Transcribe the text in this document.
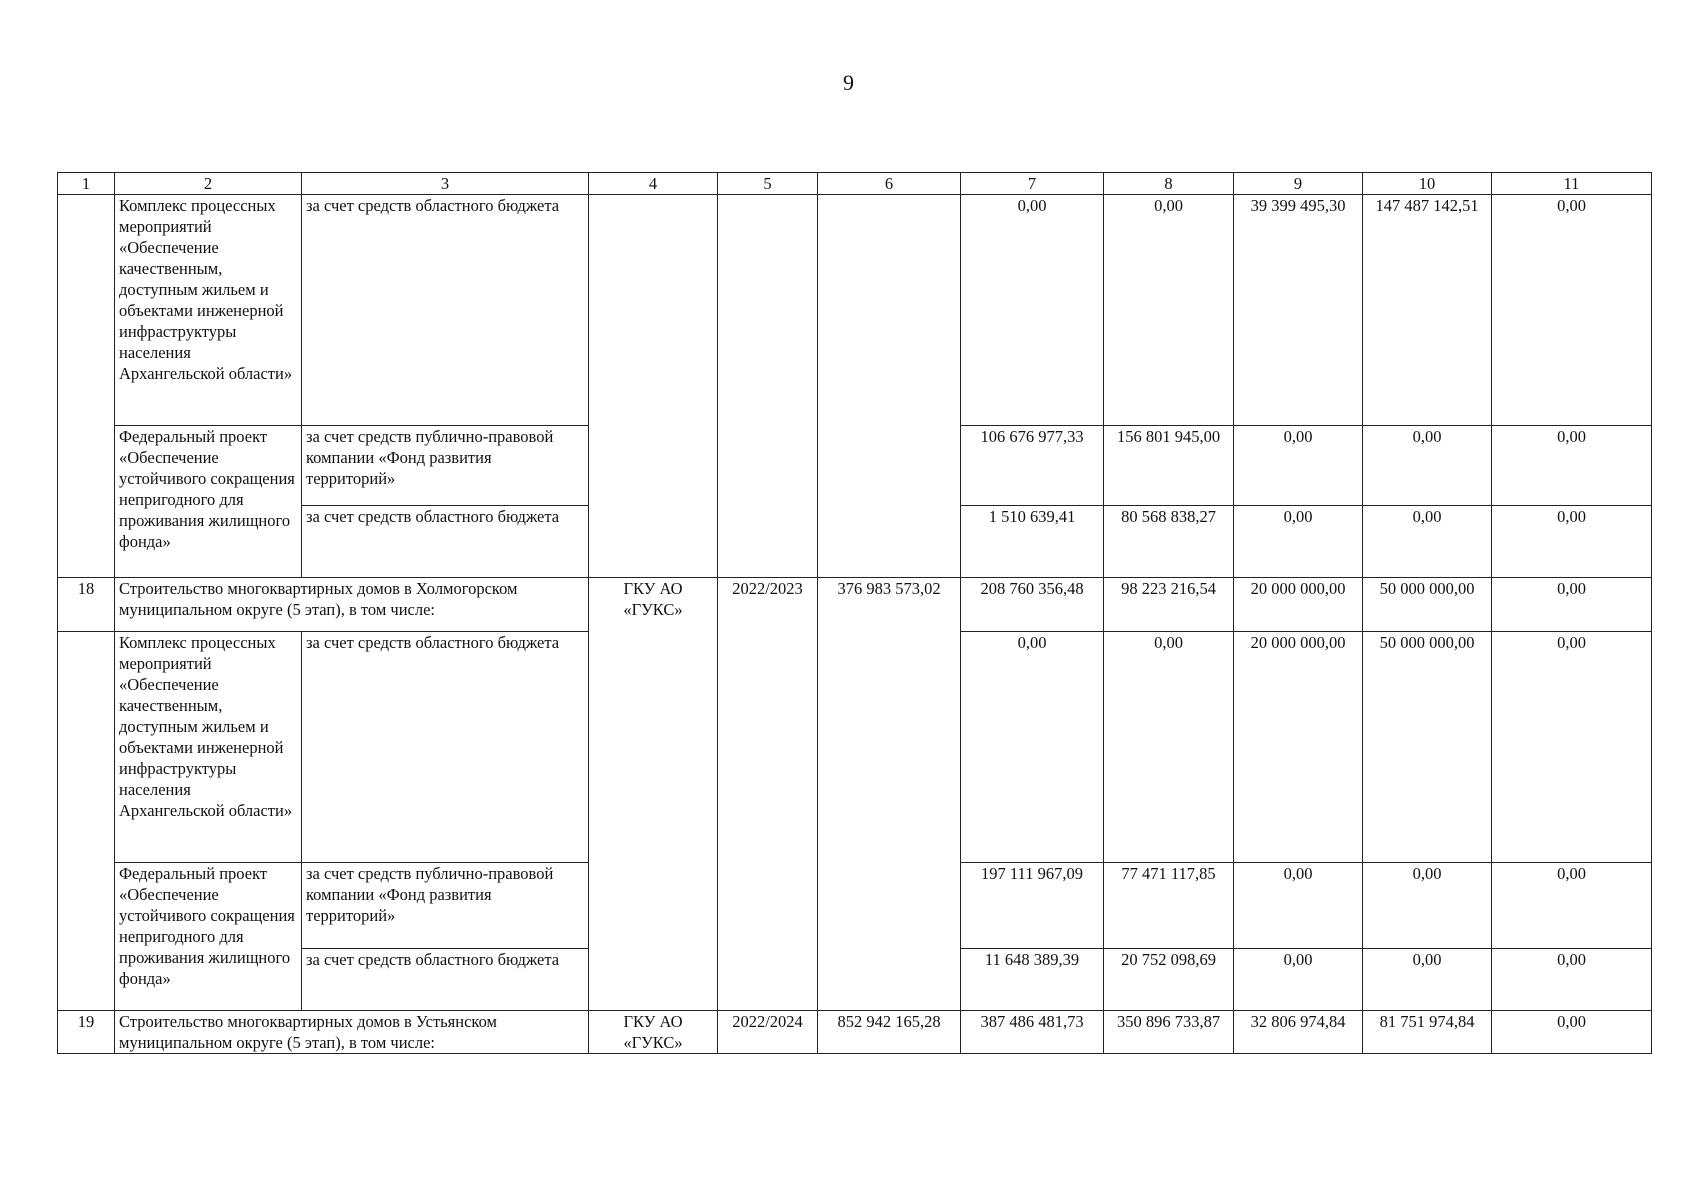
9
1	2	3	4	5	6	7	8	9	10	11
	Комплекс процессных мероприятий «Обеспечение качественным, доступным жильем и объектами инженерной инфраструктуры населения Архангельской области»	за счет средств областного бюджета				0,00	0,00	39 399 495,30	147 487 142,51	0,00
	Федеральный проект «Обеспечение устойчивого сокращения непригодного для проживания жилищного фонда»	за счет средств публично-правовой компании «Фонд развития территорий»				106 676 977,33	156 801 945,00	0,00	0,00	0,00
		за счет средств областного бюджета				1 510 639,41	80 568 838,27	0,00	0,00	0,00
18	Строительство многоквартирных домов в Холмогорском муниципальном округе (5 этап), в том числе:		ГКУ АО «ГУКС»	2022/2023	376 983 573,02	208 760 356,48	98 223 216,54	20 000 000,00	50 000 000,00	0,00
	Комплекс процессных мероприятий «Обеспечение качественным, доступным жильем и объектами инженерной инфраструктуры населения Архангельской области»	за счет средств областного бюджета				0,00	0,00	20 000 000,00	50 000 000,00	0,00
	Федеральный проект «Обеспечение устойчивого сокращения непригодного для проживания жилищного фонда»	за счет средств публично-правовой компании «Фонд развития территорий»				197 111 967,09	77 471 117,85	0,00	0,00	0,00
		за счет средств областного бюджета				11 648 389,39	20 752 098,69	0,00	0,00	0,00
19	Строительство многоквартирных домов в Устьянском муниципальном округе (5 этап), в том числе:		ГКУ АО «ГУКС»	2022/2024	852 942 165,28	387 486 481,73	350 896 733,87	32 806 974,84	81 751 974,84	0,00
